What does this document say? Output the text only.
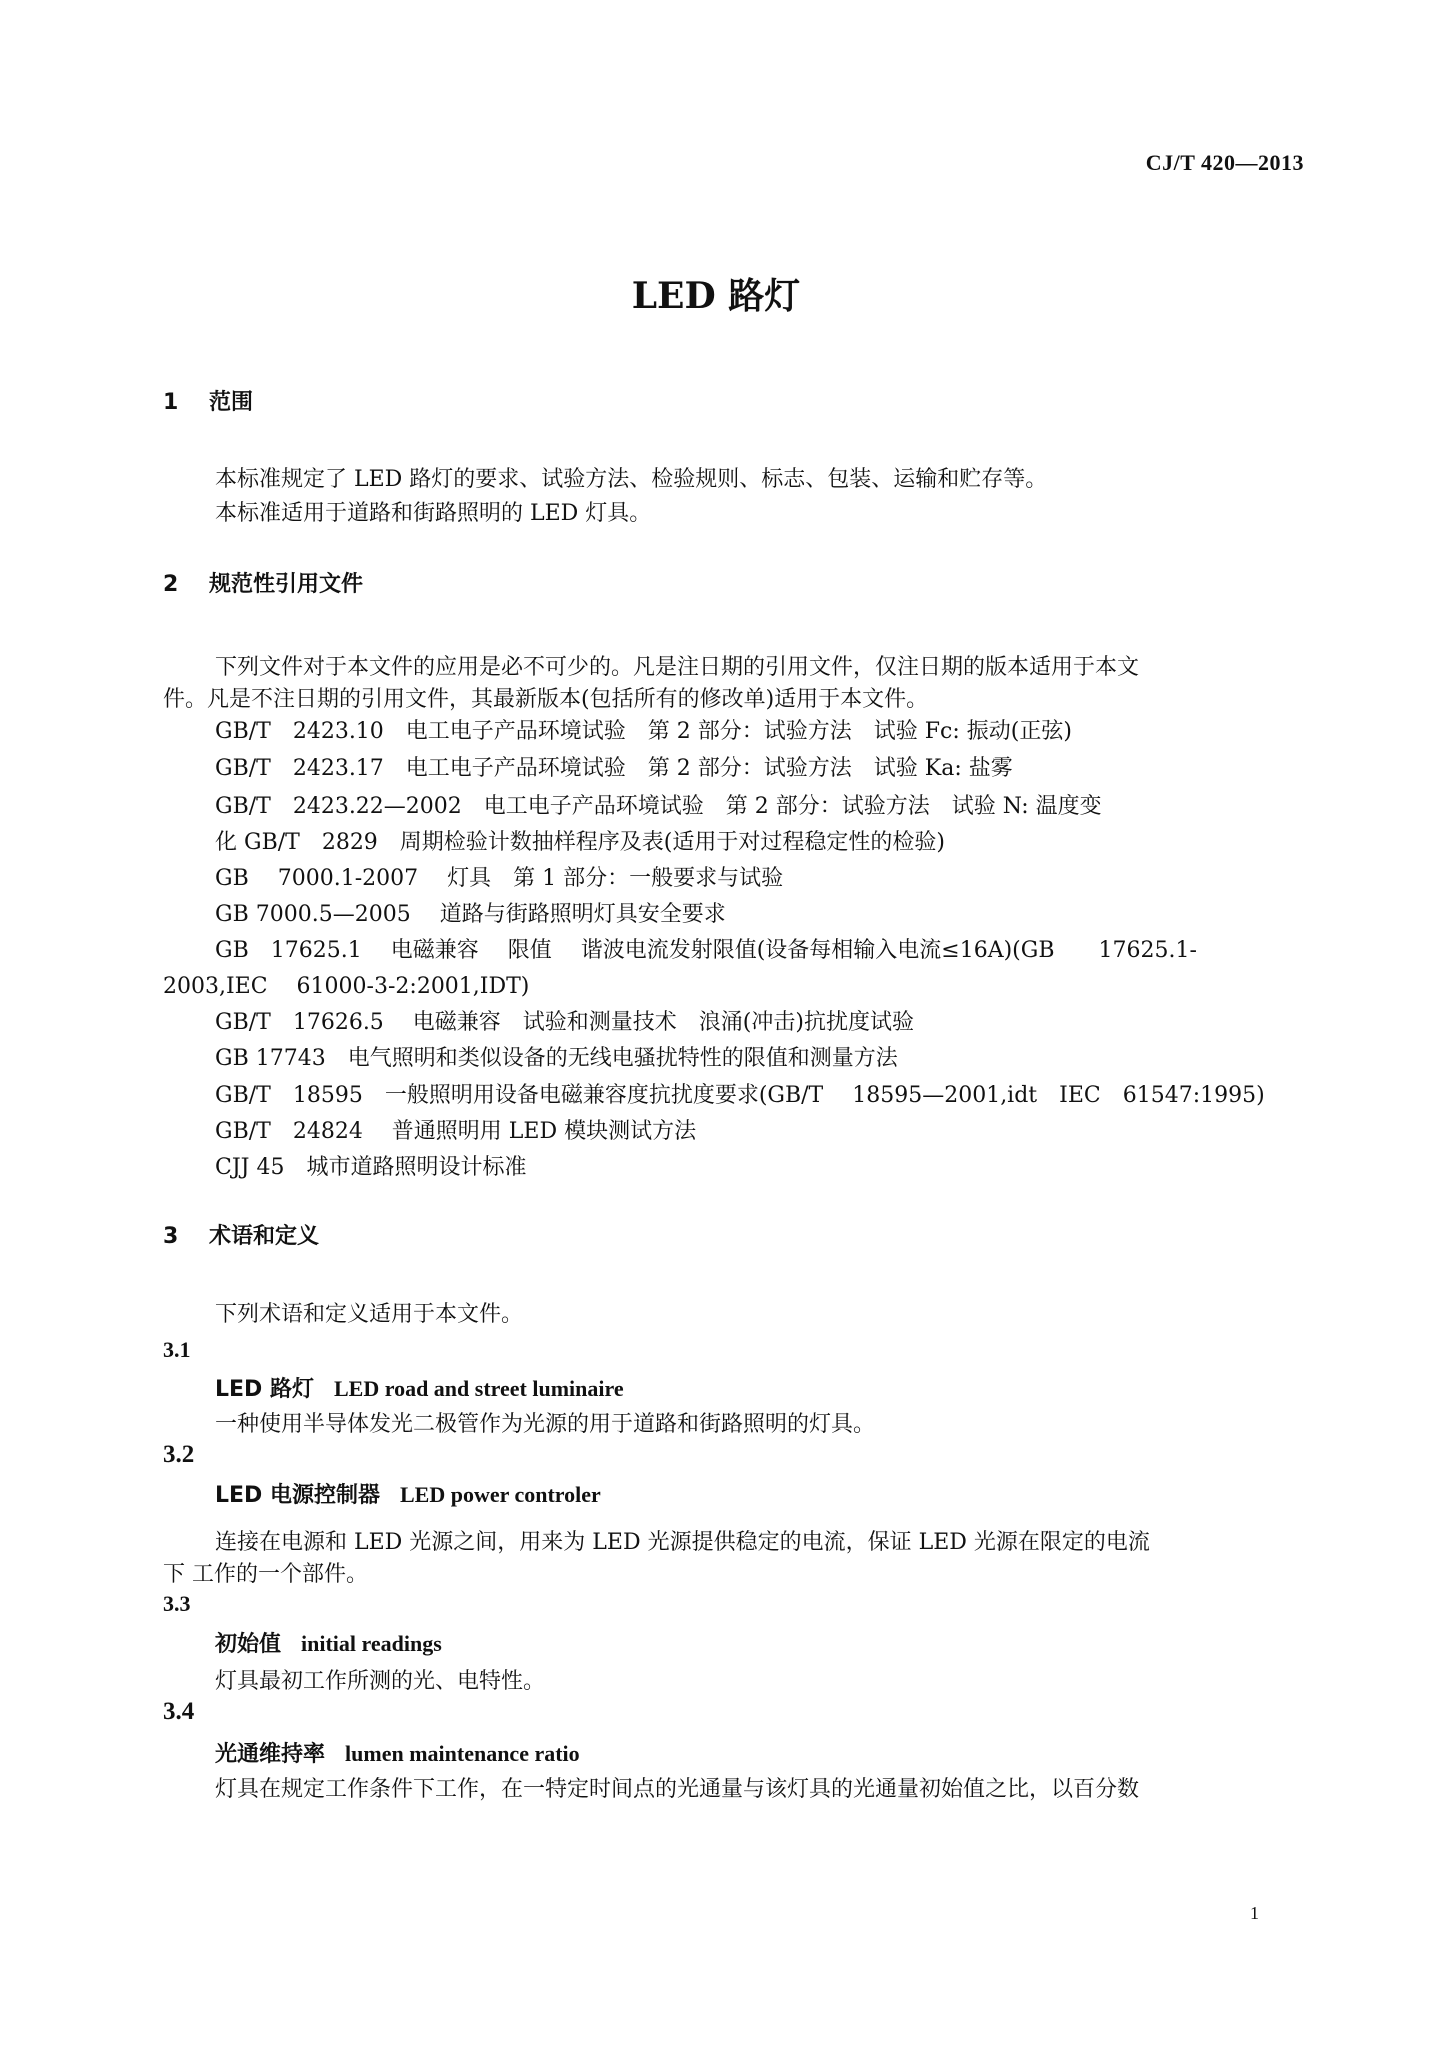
CJ/T 420—2013
LED 路灯
1 范围
本标准规定了 LED 路灯的要求、试验方法、检验规则、标志、包装、运输和贮存等。
本标准适用于道路和街路照明的 LED 灯具。
2 规范性引用文件
下列文件对于本文件的应用是必不可少的。凡是注日期的引用文件，仅注日期的版本适用于本文
件。凡是不注日期的引用文件，其最新版本(包括所有的修改单)适用于本文件。
GB/T　2423.10　电工电子产品环境试验　第 2 部分：试验方法　试验 Fc: 振动(正弦)
GB/T　2423.17　电工电子产品环境试验　第 2 部分：试验方法　试验 Ka: 盐雾
GB/T　2423.22—2002　电工电子产品环境试验　第 2 部分：试验方法　试验 N: 温度变
化 GB/T　2829　周期检验计数抽样程序及表(适用于对过程稳定性的检验)
GB　 7000.1-2007　 灯具　第 1 部分：一般要求与试验
GB 7000.5—2005　 道路与街路照明灯具安全要求
GB　17625.1　 电磁兼容　 限值　 谐波电流发射限值(设备每相输入电流≤16A)(GB　　17625.1-
2003,IEC　 61000-3-2:2001,IDT)
GB/T　17626.5　 电磁兼容　试验和测量技术　浪涌(冲击)抗扰度试验
GB 17743　电气照明和类似设备的无线电骚扰特性的限值和测量方法
GB/T　18595　一般照明用设备电磁兼容度抗扰度要求(GB/T　 18595—2001,idt　IEC　61547:1995)
GB/T　24824　 普通照明用 LED 模块测试方法
CJJ 45　城市道路照明设计标准
3 术语和定义
下列术语和定义适用于本文件。
3.1
LED 路灯 LED road and street luminaire
一种使用半导体发光二极管作为光源的用于道路和街路照明的灯具。
3.2
LED 电源控制器 LED power controler
连接在电源和 LED 光源之间，用来为 LED 光源提供稳定的电流，保证 LED 光源在限定的电流
下 工作的一个部件。
3.3
初始值 initial readings
灯具最初工作所测的光、电特性。
3.4
光通维持率 lumen maintenance ratio
灯具在规定工作条件下工作，在一特定时间点的光通量与该灯具的光通量初始值之比，以百分数
1
